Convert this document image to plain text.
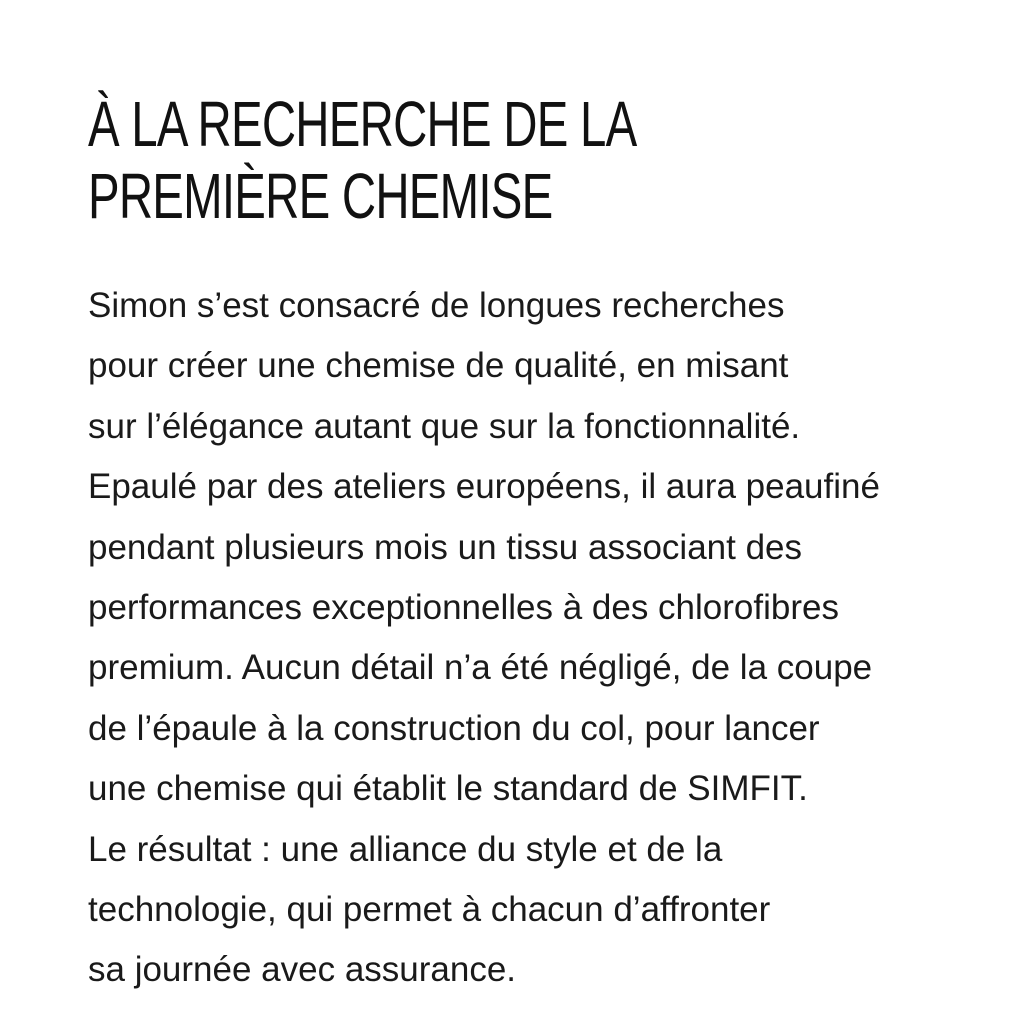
À LA RECHERCHE DE LA
PREMIÈRE CHEMISE
Simon s’est consacré de longues recherches
pour créer une chemise de qualité, en misant
sur l’élégance autant que sur la fonctionnalité.
Epaulé par des ateliers européens, il aura peaufiné
pendant plusieurs mois un tissu associant des
performances exceptionnelles à des chlorofibres
premium. Aucun détail n’a été négligé, de la coupe
de l’épaule à la construction du col, pour lancer
une chemise qui établit le standard de SIMFIT.
Le résultat : une alliance du style et de la
technologie, qui permet à chacun d’affronter
sa journée avec assurance.
